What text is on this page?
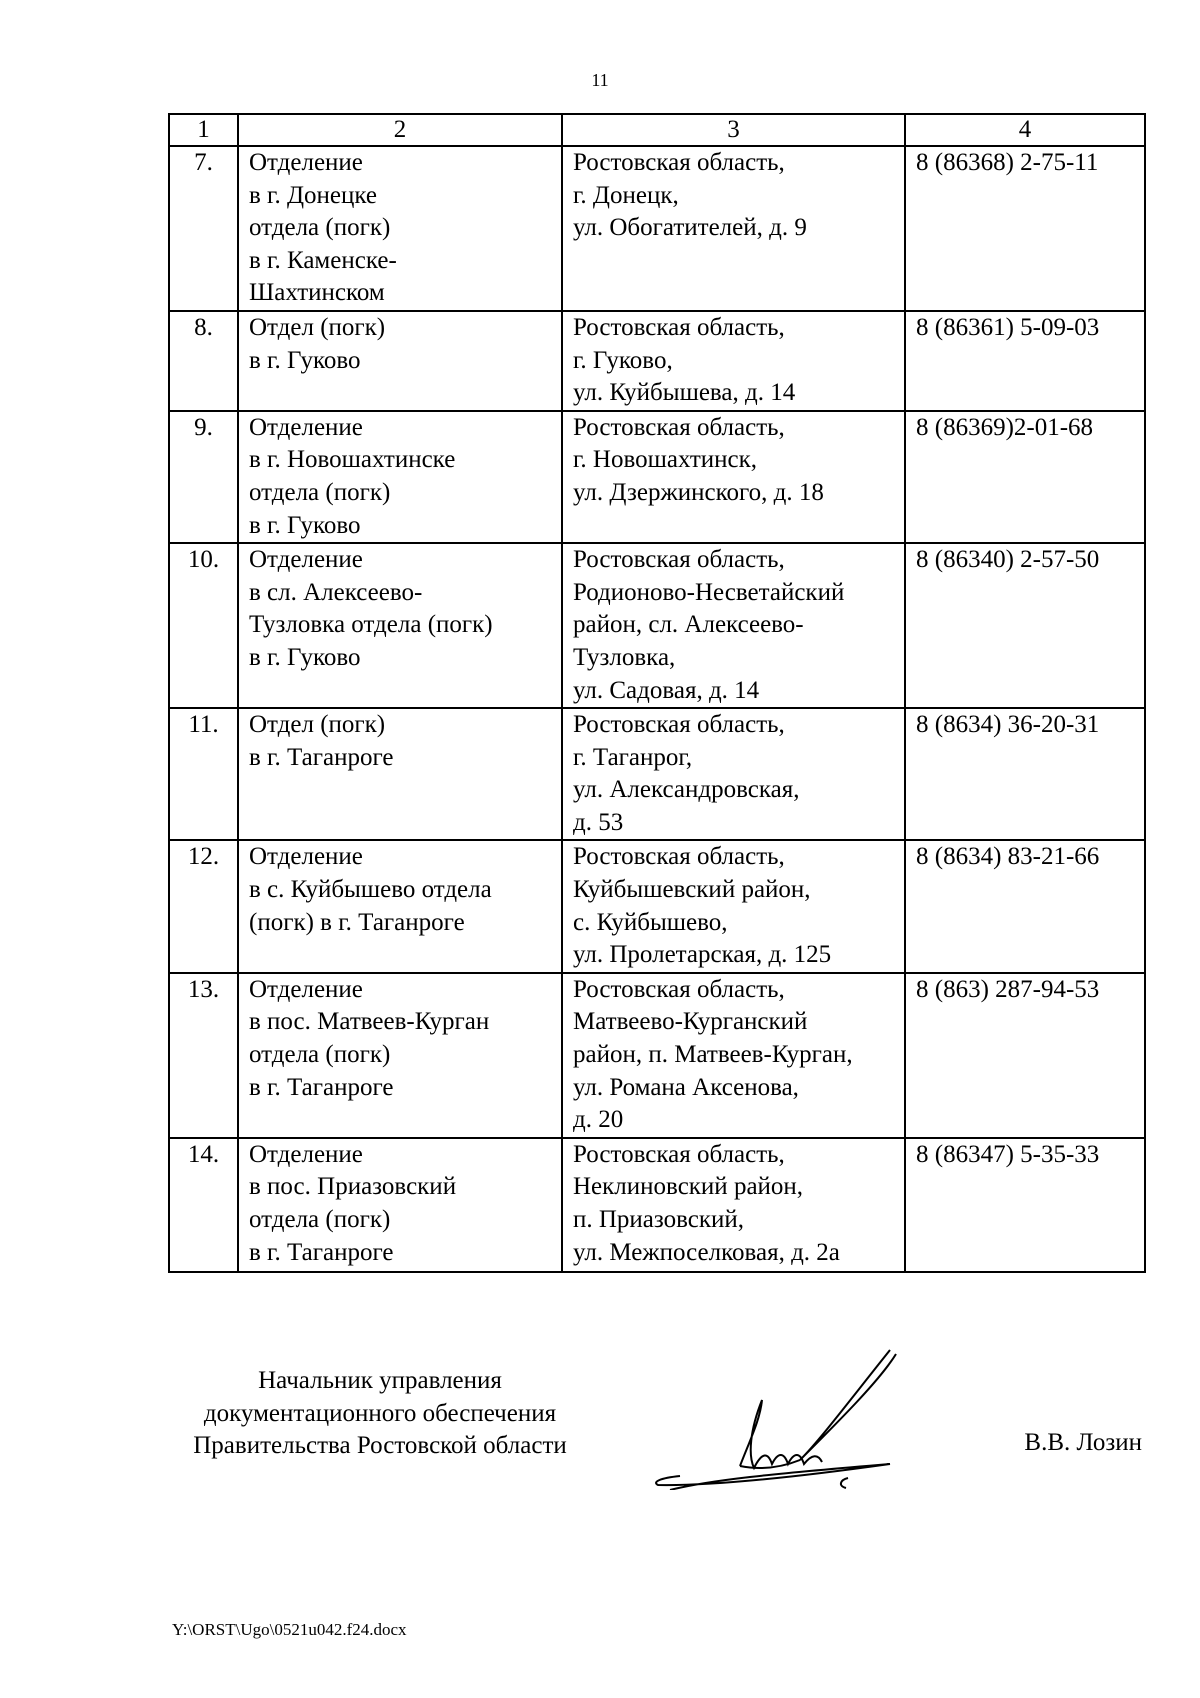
11
1	2	3	4
7.	Отделение
в г. Донецке
отдела (погк)
в г. Каменске-
Шахтинском	Ростовская область,
г. Донецк,
ул. Обогатителей, д. 9	8 (86368) 2-75-11
8.	Отдел (погк)
в г. Гуково	Ростовская область,
г. Гуково,
ул. Куйбышева, д. 14	8 (86361) 5-09-03
9.	Отделение
в г. Новошахтинске
отдела (погк)
в г. Гуково	Ростовская область,
г. Новошахтинск,
ул. Дзержинского, д. 18	8 (86369)2-01-68
10.	Отделение
в сл. Алексеево-
Тузловка отдела (погк)
в г. Гуково	Ростовская область,
Родионово-Несветайский
район, сл. Алексеево-
Тузловка,
ул. Садовая, д. 14	8 (86340) 2-57-50
11.	Отдел (погк)
в г. Таганроге	Ростовская область,
г. Таганрог,
ул. Александровская,
д. 53	8 (8634) 36-20-31
12.	Отделение
в с. Куйбышево отдела
(погк) в г. Таганроге	Ростовская область,
Куйбышевский район,
с. Куйбышево,
ул. Пролетарская, д. 125	8 (8634) 83-21-66
13.	Отделение
в пос. Матвеев-Курган
отдела (погк)
в г. Таганроге	Ростовская область,
Матвеево-Курганский
район, п. Матвеев-Курган,
ул. Романа Аксенова,
д. 20	8 (863) 287-94-53
14.	Отделение
в пос. Приазовский
отдела (погк)
в г. Таганроге	Ростовская область,
Неклиновский район,
п. Приазовский,
ул. Межпоселковая, д. 2а	8 (86347) 5-35-33
Начальник управления
документационного обеспечения
Правительства Ростовской области	В.В. Лозин
Y:\ORST\Ugo\0521u042.f24.docx
